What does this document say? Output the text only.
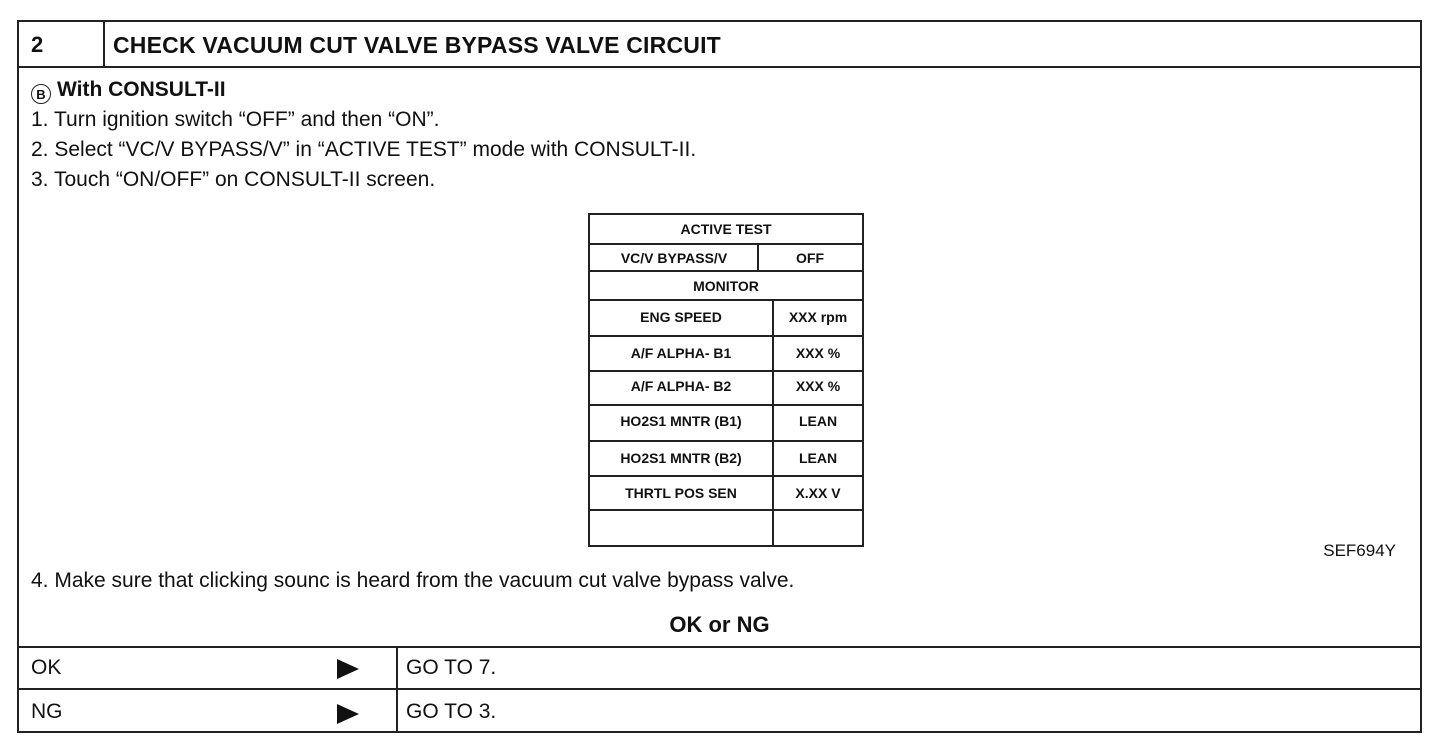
2	CHECK VACUUM CUT VALVE BYPASS VALVE CIRCUIT
B With CONSULT-II
1. Turn ignition switch “OFF” and then “ON”.
2. Select “VC/V BYPASS/V” in “ACTIVE TEST” mode with CONSULT-II.
3. Touch “ON/OFF” on CONSULT-II screen.
ACTIVE TEST
VC/V BYPASS/V	OFF
MONITOR
ENG SPEED	XXX rpm
A/F ALPHA- B1	XXX %
A/F ALPHA- B2	XXX %
HO2S1 MNTR (B1)	LEAN
HO2S1 MNTR (B2)	LEAN
THRTL POS SEN	X.XX V
SEF694Y
4. Make sure that clicking sounc is heard from the vacuum cut valve bypass valve.
OK or NG
OK	GO TO 7.
NG	GO TO 3.
